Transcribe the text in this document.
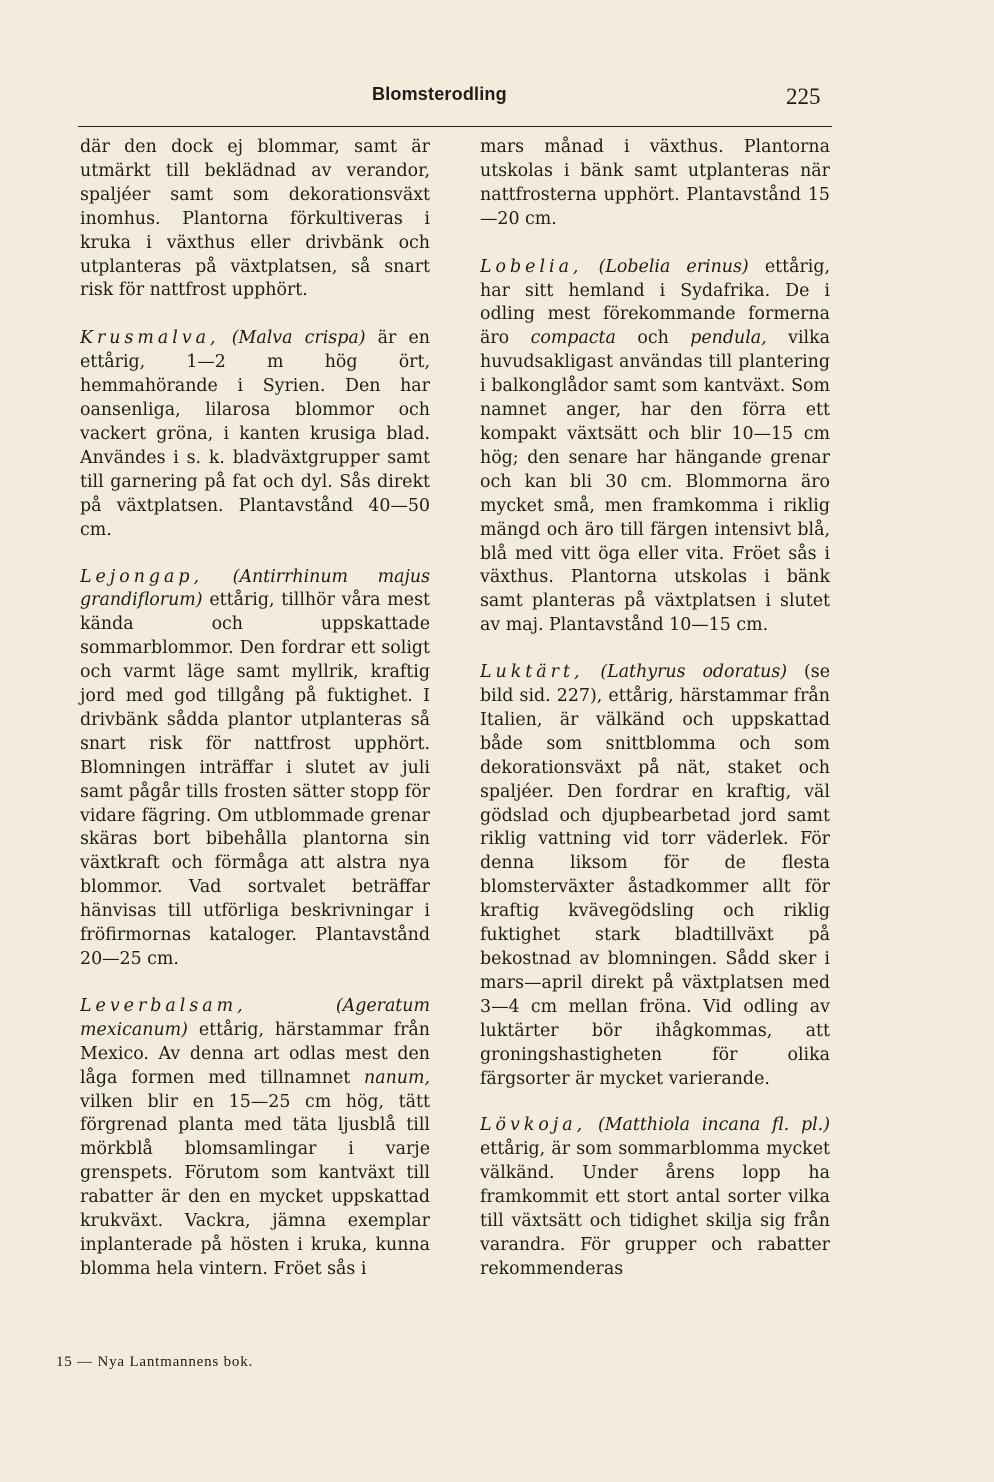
Blomsterodling	225

där den dock ej blommar, samt är utmärkt till beklädnad av verandor, spaljéer samt som dekorationsväxt inomhus. Plantorna förkultiveras i kruka i växthus eller drivbänk och utplanteras på växtplatsen, så snart risk för nattfrost upphört.

Krusmalva, (Malva crispa) är en ettårig, 1—2 m hög ört, hemmahörande i Syrien. Den har oansenliga, lilarosa blommor och vackert gröna, i kanten krusiga blad. Användes i s. k. bladväxtgrupper samt till garnering på fat och dyl. Sås direkt på växtplatsen. Plantavstånd 40—50 cm.

Lejongap, (Antirrhinum majus grandiflorum) ettårig, tillhör våra mest kända och uppskattade sommarblommor. Den fordrar ett soligt och varmt läge samt myllrik, kraftig jord med god tillgång på fuktighet. I drivbänk sådda plantor utplanteras så snart risk för nattfrost upphört. Blomningen inträffar i slutet av juli samt pågår tills frosten sätter stopp för vidare fägring. Om utblommade grenar skäras bort bibehålla plantorna sin växtkraft och förmåga att alstra nya blommor. Vad sortvalet beträffar hänvisas till utförliga beskrivningar i fröfirmornas kataloger. Plantavstånd 20—25 cm.

Leverbalsam,	(Ageratum mexicanum) ettårig, härstammar från Mexico. Av denna art odlas mest den låga formen med tillnamnet nanum, vilken blir en 15—25 cm hög, tätt förgrenad planta med täta ljusblå till mörkblå blomsamlingar i varje grenspets. Förutom som kantväxt till rabatter är den en mycket uppskattad krukväxt. Vackra, jämna exemplar inplanterade på hösten i kruka, kunna blomma hela vintern. Fröet sås i

mars månad i växthus. Plantorna utskolas i bänk samt utplanteras när nattfrosterna upphört. Plantavstånd 15—20 cm.

Lobelia, (Lobelia erinus) ettårig, har sitt hemland i Sydafrika. De i odling mest förekommande formerna äro compacta och pendula, vilka huvudsakligast användas till plantering i balkonglådor samt som kantväxt. Som namnet anger, har den förra ett kompakt växtsätt och blir 10—15 cm hög; den senare har hängande grenar och kan bli 30 cm. Blommorna äro mycket små, men framkomma i riklig mängd och äro till färgen intensivt blå, blå med vitt öga eller vita. Fröet sås i växthus. Plantorna utskolas i bänk samt planteras på växtplatsen i slutet av maj. Plantavstånd 10—15 cm.

Luktärt, (Lathyrus odoratus) (se bild sid. 227), ettårig, härstammar från Italien, är välkänd och uppskattad både som snittblomma och som dekorationsväxt på nät, staket och spaljéer. Den fordrar en kraftig, väl gödslad och djupbearbetad jord samt riklig vattning vid torr väderlek. För denna liksom för de flesta blomsterväxter åstadkommer allt för kraftig kvävegödsling och riklig fuktighet stark bladtillväxt på bekostnad av blomningen. Sådd sker i mars—april direkt på växtplatsen med 3—4 cm mellan fröna. Vid odling av luktärter bör ihågkommas, att groningshastigheten för olika färgsorter är mycket varierande.

Lövkoja, (Matthiola incana fl. pl.) ettårig, är som sommarblomma mycket välkänd. Under årens lopp ha framkommit ett stort antal sorter vilka till växtsätt och tidighet skilja sig från varandra. För grupper och rabatter rekommenderas

15 — Nya Lantmannens bok.
